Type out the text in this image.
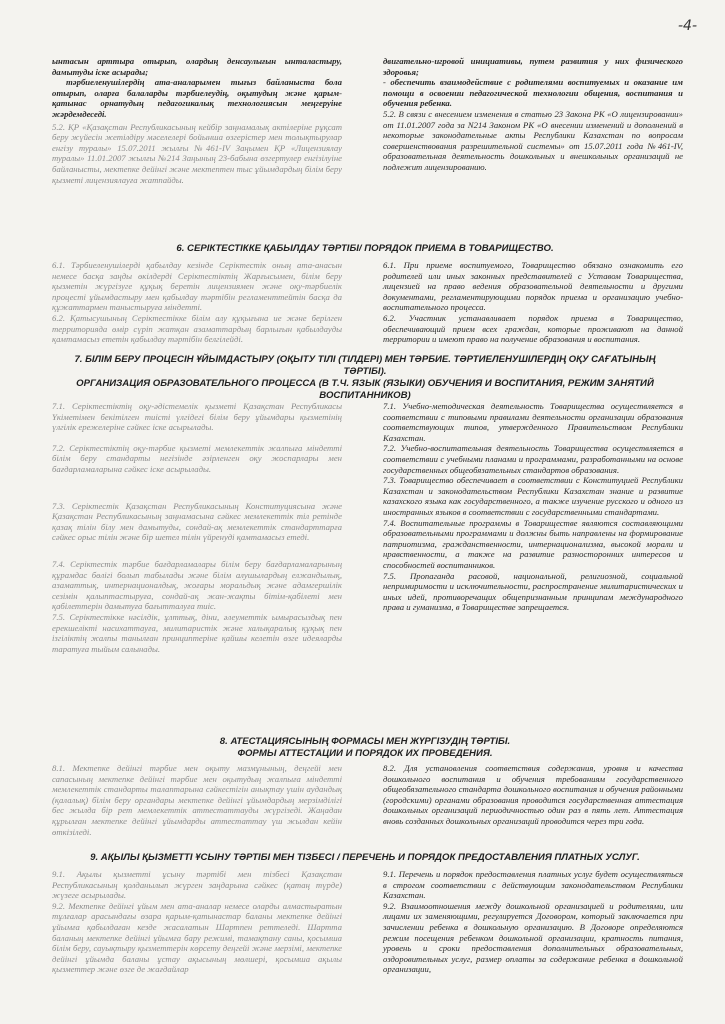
-4-

ынтасын арттыра отырып, олардың денсаулығын ынталастыру, дамытуды іске асырады;

тәрбиеленушілердің ата-аналарымен тығыз байланыста бола отырып, оларға балаларды тәрбиелеудің, оқытудың және қарым-қатынас орнатудың педагогикалық технологиясын меңгеруіне жәрдемдеседі.

5.2. ҚР «Қазақстан Республикасының кейбір заңнамалық актілеріне рұқсат беру жүйесін жетілдіру мәселелері бойынша өзгерістер мен толықтырулар енгізу туралы» 15.07.2011 жылғы №461-IV Заңымен ҚР «Лицензиялау туралы» 11.01.2007 жылғы №214 Заңының 23-бабына өзгертулер енгізілуіне байланысты, мектепке дейінгі және мектептен тыс ұйымдардың білім беру қызметі лицензиялауға жатпайды.

двигательно-игровой инициативы, путем развития у них физического здоровья;

- обеспечить взаимодействие с родителями воспитуемых и оказание им помощи в освоении педагогической технологии общения, воспитания и обучения ребенка.

5.2. В связи с внесением изменения в статью 23 Закона РК «О лицензировании» от 11.01.2007 года за N214 Законом РК «О внесении изменений и дополнений в некоторые законодательные акты Республики Казахстан по вопросам совершенствования разрешительной системы» от 15.07.2011 года №461-IV, образовательная деятельность дошкольных и внешкольных организаций не подлежит лицензированию.

6. СЕРІКТЕСТІККЕ ҚАБЫЛДАУ ТӘРТІБІ/ ПОРЯДОК ПРИЕМА В ТОВАРИЩЕСТВО.

6.1. Тәрбиеленушілерді қабылдау кезінде Серіктестік оның ата-анасын немесе басқа заңды өкілдерді Серіктестіктің Жарғысымен, білім беру қызметін жүргізуге құқық беретін лицензиямен және оқу-тәрбиелік процесті ұйымдастыру мен қабылдау тәртібін регламенттейтін басқа да құжаттармен таныстыруға міндетті.

6.2. Қатысушының Серіктестікке білім алу құқығына ие және берілген территорияда өмір сүріп жатқан азаматтардың барлығын қабылдауды қамтамасыз ететін қабылдау тәртібін белгілейді.

6.1. При приеме воспитуемого, Товарищество обязано ознакомить его родителей или иных законных представителей с Уставом Товарищества, лицензией на право ведения образовательной деятельности и другими документами, регламентирующими порядок приема и организацию учебно-воспитательного процесса.

6.2. Участник устанавливает порядок приема в Товарищество, обеспечивающий прием всех граждан, которые проживают на данной территории и имеют право на получение образования и воспитания.

7. БІЛІМ БЕРУ ПРОЦЕСІН ҰЙЫМДАСТЫРУ (ОҚЫТУ ТІЛІ (ТІЛДЕРІ) МЕН ТӘРБИЕ. ТӘРТИЕЛЕНУШІЛЕРДІҢ ОҚУ САҒАТЫНЫҢ ТӘРТІБІ).
ОРГАНИЗАЦИЯ ОБРАЗОВАТЕЛЬНОГО ПРОЦЕССА (В Т.Ч. ЯЗЫК (ЯЗЫКИ) ОБУЧЕНИЯ И ВОСПИТАНИЯ, РЕЖИМ ЗАНЯТИЙ ВОСПИТАННИКОВ)

7.1. Серіктестіктің оқу-әдістемелік қызметі Қазақстан Республикасы Үкіметімен бекітілген тиісті үлгідегі білім беру ұйымдары қызметінің үлгілік ережелеріне сәйкес іске асырылады.

7.2. Серіктестіктің оқу-тәрбие қызметі мемлекеттік жалпыға міндетті білім беру стандарты негізінде әзірленген оқу жоспарлары мен бағдарламаларына сәйкес іске асырылады.

7.3. Серіктестік Қазақстан Республикасының Конституциясына және Қазақстан Республикасының заңнамасына сәйкес мемлекеттік тіл ретінде қазақ тілін білу мен дамытуды, сондай-ақ мемлекеттік стандарттарға сәйкес орыс тілін және бір шетел тілін үйренуді қамтамасыз етеді.

7.4. Серіктестік тәрбие бағдарламалары білім беру бағдарламаларының құрамдас бөлігі болып табылады және білім алушылардың елжандылық, азаматтық, интернационалдық, жоғары моральдық және адамгершілік сезімін қалыптастыруға, сондай-ақ жан-жақты бітім-қабілеті мен қабілеттерін дамытуға бағытталуға тиіс.

7.5. Серіктестікке нәсілдік, ұлттық, діни, әлеуметтік ымырасыздық пен ерекшелікті насихаттауға, милитаристік және халықаралық құқық пен ізгіліктің жалпы танылған принциптеріне қайшы келетін өзге идеяларды таратуға тыйым салынады.

7.1. Учебно-методическая деятельность Товарищества осуществляется в соответствии с типовыми правилами деятельности организации образования соответствующих типов, утвержденного Правительством Республики Казахстан.

7.2. Учебно-воспитательная деятельность Товарищества осуществляется в соответствии с учебными планами и программами, разработанными на основе государственных общеобязательных стандартов образования.

7.3. Товарищество обеспечивает в соответствии с Конституцией Республики Казахстан и законодательством Республики Казахстан знание и развитие казахского языка как государственного, а также изучение русского и одного из иностранных языков в соответствии с государственными стандартами.

7.4. Воспитательные программы в Товариществе являются составляющими образовательными программами и должны быть направлены на формирование патриотизма, гражданственности, интернационализма, высокой морали и нравственности, а также на развитие разносторонних интересов и способностей воспитанников.

7.5. Пропаганда расовой, национальной, религиозной, социальной непримиримости и исключительности, распространение милитаристических и иных идей, противоречащих общепризнанным принципам международного права и гуманизма, в Товариществе запрещается.

8. АТЕСТАЦИЯСЫНЫҢ ФОРМАСЫ МЕН ЖҮРГІЗУДІҢ ТӘРТІБІ.
ФОРМЫ АТТЕСТАЦИИ И ПОРЯДОК ИХ ПРОВЕДЕНИЯ.

8.1. Мектепке дейінгі тәрбие мен оқыту мазмұнының, деңгейі мен сапасының мектепке дейінгі тәрбие мен оқытудың жалпыға міндетті мемлекеттік стандарты талаптарына сәйкестігін анықтау үшін аудандық (қалалық) білім беру органдары мектепке дейінгі ұйымдардың мерзімділігі бес жылда бір рет мемлекеттік аттестаттауды жүргізеді. Жаңадан құрылған мектепке дейінгі ұйымдарды аттестаттау үш жылдан кейін өткізіледі.

8.2. Для установления соответствия содержания, уровня и качества дошкольного воспитания и обучения требованиям государственного общеобязательного стандарта дошкольного воспитания и обучения районными (городскими) органами образования проводится государственная аттестация дошкольных организаций периодичностью один раз в пять лет. Аттестация вновь созданных дошкольных организаций проводится через три года.

9. АҚЫЛЫ ҚЫЗМЕТТІ ҰСЫНУ ТӘРТІБІ МЕН ТІЗБЕСІ / ПЕРЕЧЕНЬ И ПОРЯДОК ПРЕДОСТАВЛЕНИЯ ПЛАТНЫХ УСЛУГ.

9.1. Ақылы қызметті ұсыну тәртібі мен тізбесі Қазақстан Республикасының қолданылып жүрген заңдарына сәйкес (қатаң түрде) жүзеге асырылады.

9.2. Мектепке дейінгі ұйым мен ата-аналар немесе оларды алмастыратын тұлғалар арасындағы өзара қарым-қатынастар баланы мектепке дейінгі ұйымға қабылдаған кезде жасалатын Шартпен реттеледі. Шартта баланың мектепке дейінгі ұйымға бару режимі, тамақтану саны, қосымша білім беру, сауықтыру қызметтерін көрсету деңгейі және мерзімі, мектепке дейінгі ұйымда баланы ұстау ақысының мөлшері, қосымша ақылы қызметтер және өзге де жағдайлар

9.1. Перечень и порядок предоставления платных услуг будет осуществляться в строгом соответствии с действующим законодательством Республики Казахстан.

9.2. Взаимоотношения между дошкольной организацией и родителями, или лицами их заменяющими, регулируется Договором, который заключается при зачислении ребенка в дошкольную организацию. В Договоре определяются режим посещения ребенком дошкольной организации, кратность питания, уровень и сроки предоставления дополнительных образовательных, оздоровительных услуг, размер оплаты за содержание ребенка в дошкольной организации,
